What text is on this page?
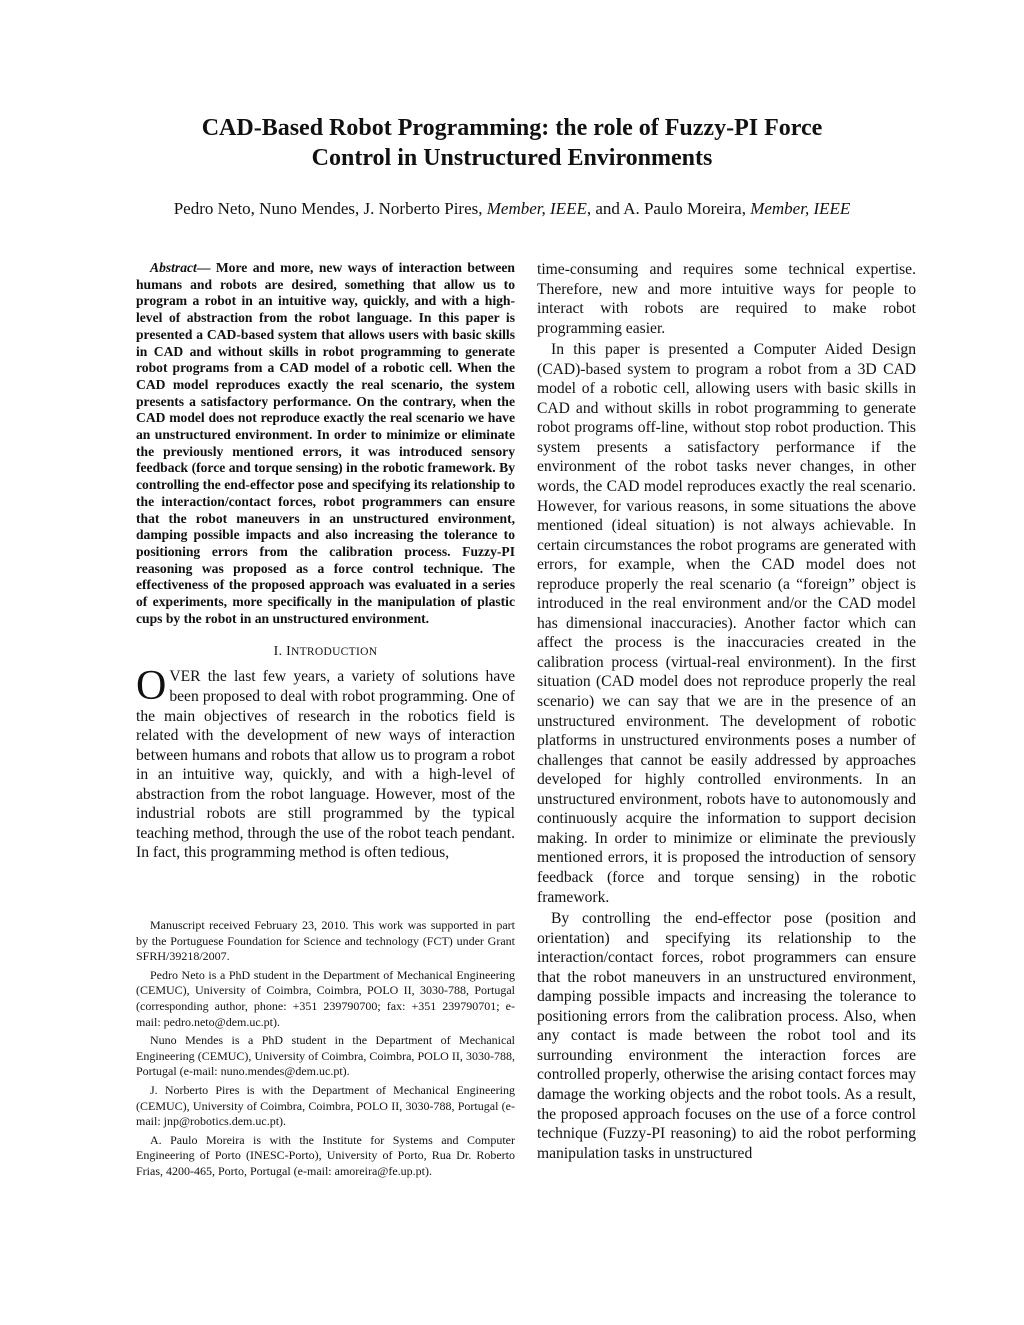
CAD-Based Robot Programming: the role of Fuzzy-PI Force
Control in Unstructured Environments
Pedro Neto, Nuno Mendes, J. Norberto Pires, Member, IEEE, and A. Paulo Moreira, Member, IEEE

Abstract— More and more, new ways of interaction between humans and robots are desired, something that allow us to program a robot in an intuitive way, quickly, and with a high-level of abstraction from the robot language. In this paper is presented a CAD-based system that allows users with basic skills in CAD and without skills in robot programming to generate robot programs from a CAD model of a robotic cell. When the CAD model reproduces exactly the real scenario, the system presents a satisfactory performance. On the contrary, when the CAD model does not reproduce exactly the real scenario we have an unstructured environment. In order to minimize or eliminate the previously mentioned errors, it was introduced sensory feedback (force and torque sensing) in the robotic framework. By controlling the end-effector pose and specifying its relationship to the interaction/contact forces, robot programmers can ensure that the robot maneuvers in an unstructured environment, damping possible impacts and also increasing the tolerance to positioning errors from the calibration process. Fuzzy-PI reasoning was proposed as a force control technique. The effectiveness of the proposed approach was evaluated in a series of experiments, more specifically in the manipulation of plastic cups by the robot in an unstructured environment.

I. INTRODUCTION

OVER the last few years, a variety of solutions have been proposed to deal with robot programming. One of the main objectives of research in the robotics field is related with the development of new ways of interaction between humans and robots that allow us to program a robot in an intuitive way, quickly, and with a high-level of abstraction from the robot language. However, most of the industrial robots are still programmed by the typical teaching method, through the use of the robot teach pendant. In fact, this programming method is often tedious,

Manuscript received February 23, 2010. This work was supported in part by the Portuguese Foundation for Science and technology (FCT) under Grant SFRH/39218/2007.

Pedro Neto is a PhD student in the Department of Mechanical Engineering (CEMUC), University of Coimbra, Coimbra, POLO II, 3030-788, Portugal (corresponding author, phone: +351 239790700; fax: +351 239790701; e-mail: pedro.neto@dem.uc.pt).

Nuno Mendes is a PhD student in the Department of Mechanical Engineering (CEMUC), University of Coimbra, Coimbra, POLO II, 3030-788, Portugal (e-mail: nuno.mendes@dem.uc.pt).

J. Norberto Pires is with the Department of Mechanical Engineering (CEMUC), University of Coimbra, Coimbra, POLO II, 3030-788, Portugal (e-mail: jnp@robotics.dem.uc.pt).

A. Paulo Moreira is with the Institute for Systems and Computer Engineering of Porto (INESC-Porto), University of Porto, Rua Dr. Roberto Frias, 4200-465, Porto, Portugal (e-mail: amoreira@fe.up.pt).

time-consuming and requires some technical expertise. Therefore, new and more intuitive ways for people to interact with robots are required to make robot programming easier.

In this paper is presented a Computer Aided Design (CAD)-based system to program a robot from a 3D CAD model of a robotic cell, allowing users with basic skills in CAD and without skills in robot programming to generate robot programs off-line, without stop robot production. This system presents a satisfactory performance if the environment of the robot tasks never changes, in other words, the CAD model reproduces exactly the real scenario. However, for various reasons, in some situations the above mentioned (ideal situation) is not always achievable. In certain circumstances the robot programs are generated with errors, for example, when the CAD model does not reproduce properly the real scenario (a “foreign” object is introduced in the real environment and/or the CAD model has dimensional inaccuracies). Another factor which can affect the process is the inaccuracies created in the calibration process (virtual-real environment). In the first situation (CAD model does not reproduce properly the real scenario) we can say that we are in the presence of an unstructured environment. The development of robotic platforms in unstructured environments poses a number of challenges that cannot be easily addressed by approaches developed for highly controlled environments. In an unstructured environment, robots have to autonomously and continuously acquire the information to support decision making. In order to minimize or eliminate the previously mentioned errors, it is proposed the introduction of sensory feedback (force and torque sensing) in the robotic framework.

By controlling the end-effector pose (position and orientation) and specifying its relationship to the interaction/contact forces, robot programmers can ensure that the robot maneuvers in an unstructured environment, damping possible impacts and increasing the tolerance to positioning errors from the calibration process. Also, when any contact is made between the robot tool and its surrounding environment the interaction forces are controlled properly, otherwise the arising contact forces may damage the working objects and the robot tools. As a result, the proposed approach focuses on the use of a force control technique (Fuzzy-PI reasoning) to aid the robot performing manipulation tasks in unstructured
